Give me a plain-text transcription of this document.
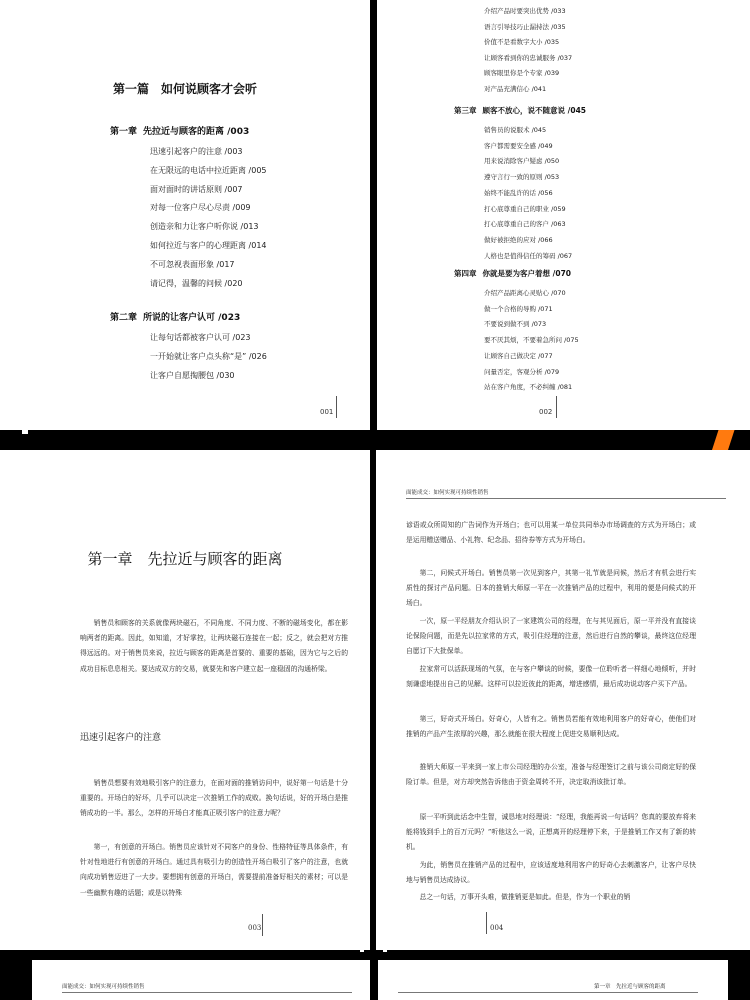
第一篇　如何说顾客才会听
第一章 先拉近与顾客的距离 /003
迅速引起客户的注意 /003
在无限远的电话中拉近距离 /005
面对面时的讲话原则 /007
对每一位客户尽心尽责 /009
创造亲和力让客户听你说 /013
如何拉近与客户的心理距离 /014
不可忽视表面形象 /017
请记得，温馨的问候 /020
第二章 所说的让客户认可 /023
让每句话都被客户认可 /023
一开始就让客户点头称“是” /026
让客户自愿掏腰包 /030
001
介绍产品时要突出优势 /033
语言引导技巧止漏持法 /035
价值不是看数字大小 /035
让顾客看到你的忠诚服务 /037
顾客眼里你是个专家 /039
对产品充满信心 /041
第三章 顾客不放心，说不随意说 /045
销售员的说服术 /045
客户都需要安全感 /049
用来说消除客户疑虑 /050
遵守言行一致的原则 /053
始终不能乱许的话 /056
打心底尊重自己的职业 /059
打心底尊重自己的客户 /063
做好被拒绝的应对 /066
人格也是值得信任的筹码 /067
第四章 你就是要为客户着想 /070
介绍产品距离心灵贴心 /070
做一个合格的导购 /071
不要说到做不到 /073
要不厌其烦，不要着急所问 /075
让顾客自己做决定 /077
问量否定，客观分析 /079
站在客户角度，不必纠缠 /081
002
第一章　先拉近与顾客的距离

销售员和顾客的关系就像两块磁石，不同角度、不同力度、不断的磁场变化，都在影响两者的距离。因此，如知道，才好掌控，让两块磁石连接在一起；反之，就会把对方推得远远的。对于销售员来说，拉近与顾客的距离是首要的、重要的基础，因为它与之后的成功目标息息相关。要达成双方的交易，就要先和客户建立起一座稳固的沟通桥梁。

迅速引起客户的注意

销售员想要有效地吸引客户的注意力，在面对面的推销访问中，说好第一句话是十分重要的。开场白的好坏，几乎可以决定一次推销工作的成败。换句话说，好的开场白是推销成功的一半。那么，怎样的开场白才能真正吸引客户的注意力呢？

第一，有创意的开场白。销售员应该针对不同客户的身份、性格特征等具体条件，有针对性地进行有创意的开场白。通过具有吸引力的创造性开场白吸引了客户的注意，也就向成功销售迈进了一大步。要想拥有创意的开场白，需要提前准备好相关的素材；可以是一些幽默有趣的话题；或是以特殊

003
面能成交：如何实现可持续性销售

谚语或众所周知的广告词作为开场白；也可以用某一单位共同举办市场调查的方式为开场白；或是运用赠送赠品、小礼物、纪念品、招待券等方式为开场白。

第二，问候式开场白。销售员第一次见到客户，其第一礼节就是问候，然后才有机会进行实质性的探讨产品问题。日本的推销大师原一平在一次推销产品的过程中，利用的便是问候式的开场白。

一次，原一平经朋友介绍认识了一家建筑公司的经理，在与其见面后，原一平并没有直接谈论保险问题，而是先以拉家常的方式，吸引住经理的注意，然后进行自然的攀谈，最终这位经理自愿订下大批保单。

拉家常可以活跃现场的气氛，在与客户攀谈的时候，要像一位聆听者一样细心地倾听，并时刻谦虚地提出自己的见解。这样可以拉近彼此的距离，增进感情，最后成功说动客户买下产品。

第三，好奇式开场白。好奇心，人皆有之。销售员若能有效地利用客户的好奇心，使他们对推销的产品产生浓厚的兴趣，那么就能在很大程度上促进交易顺利达成。

推销大师原一平来到一家上市公司经理的办公室，准备与经理签订之前与该公司商定好的保险订单。但是，对方却突然告诉他由于资金周转不开，决定取消该批订单。

原一平听到此话念中生智，诚恳地对经理说：“经理，我能再说一句话吗？您真的要放弃将来能将钱到手上的百万元吗？”听他这么一说，正想离开的经理停下来，于是推销工作又有了新的转机。

为此，销售员在推销产品的过程中，应该适度地利用客户的好奇心去刺激客户，让客户尽快地与销售员达成协议。

总之一句话，万事开头难，做推销更是如此。但是，作为一个职业的销

004
面能成交：如何实现可持续性销售	第一章　先拉近与顾客的距离
